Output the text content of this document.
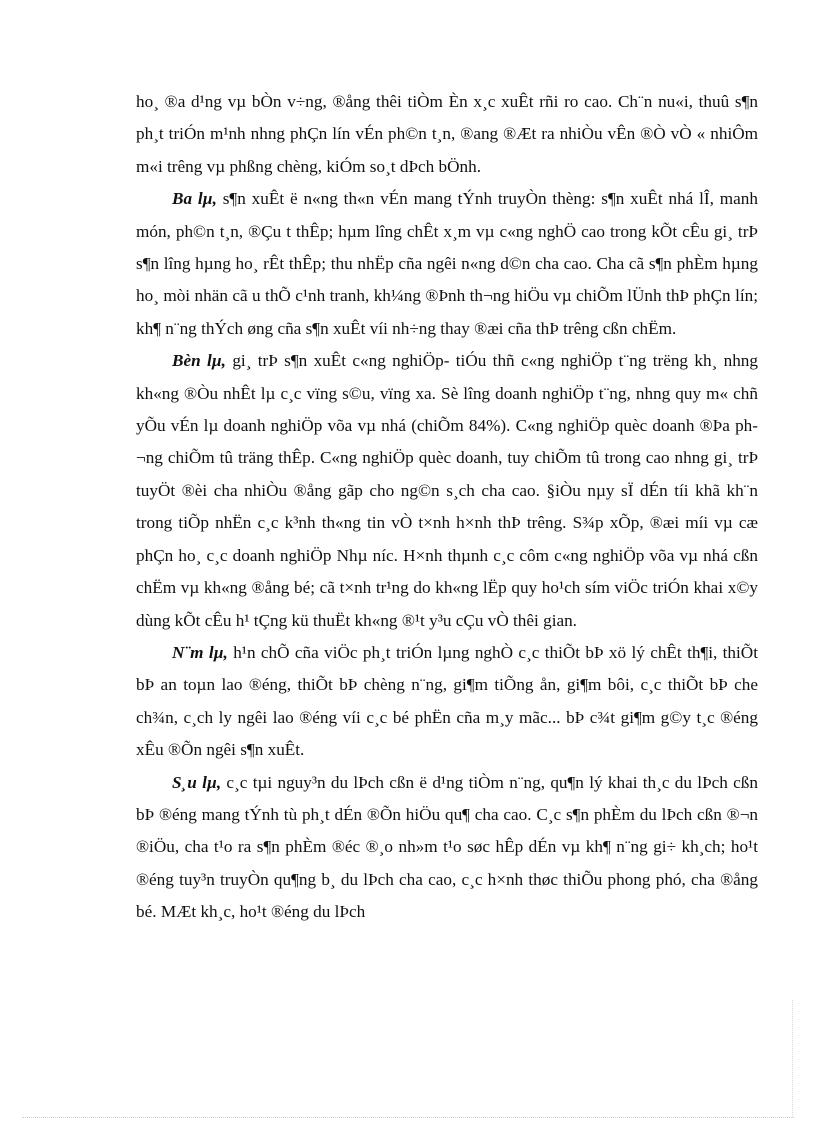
ho¸ ®a d¹ng vµ bÒn v÷ng, ®ång thêi tiÒm Èn x¸c xuÊt rñi ro cao. Ch¨n nu«i, thuû s¶n ph¸t triÓn m¹nh nhng phÇn lín vÉn ph©n t¸n, ®ang ®Æt ra nhiÒu vÊn ®Ò vÒ « nhiÔm m«i trêng vµ phßng chèng, kiÓm so¸t dÞch bÖnh.

Ba lµ, s¶n xuÊt ë n«ng th«n vÉn mang tÝnh truyÒn thèng: s¶n xuÊt nhá lÎ, manh món, ph©n t¸n, ®Çu t thÊp; hµm lîng chÊt x¸m vµ c«ng nghÖ cao trong kÕt cÊu gi¸ trÞ s¶n lîng hµng ho¸ rÊt thÊp; thu nhËp cña ngêi n«ng d©n cha cao. Cha cã s¶n phÈm hµng ho¸ mòi nhän cã u thÕ c¹nh tranh, kh¼ng ®Þnh th¬ng hiÖu vµ chiÕm lÜnh thÞ phÇn lín; kh¶ n¨ng thÝch øng cña s¶n xuÊt víi nh÷ng thay ®æi cña thÞ trêng cßn chËm.

Bèn lµ, gi¸ trÞ s¶n xuÊt c«ng nghiÖp- tiÓu thñ c«ng nghiÖp t¨ng trëng kh¸ nhng kh«ng ®Òu nhÊt lµ c¸c vïng s©u, vïng xa. Sè lîng doanh nghiÖp t¨ng, nhng quy m« chñ yÕu vÉn lµ doanh nghiÖp võa vµ nhá (chiÕm 84%). C«ng nghiÖp quèc doanh ®Þa ph¬ng chiÕm tû träng thÊp. C«ng nghiÖp quèc doanh, tuy chiÕm tû trong cao nhng gi¸ trÞ tuyÖt ®èi cha nhiÒu ®ång gãp cho ng©n s¸ch cha cao. §iÒu nµy sÏ dÉn tíi khã kh¨n trong tiÕp nhËn c¸c k³nh th«ng tin vÒ t×nh h×nh thÞ trêng. S¾p xÕp, ®æi míi vµ cæ phÇn ho¸ c¸c doanh nghiÖp Nhµ níc. H×nh thµnh c¸c côm c«ng nghiÖp võa vµ nhá cßn chËm vµ kh«ng ®ång bé; cã t×nh tr¹ng do kh«ng lËp quy ho¹ch sím viÖc triÓn khai x©y dùng kÕt cÊu h¹ tÇng kü thuËt kh«ng ®¹t y³u cÇu vÒ thêi gian.

N¨m lµ, h¹n chÕ cña viÖc ph¸t triÓn lµng nghÒ c¸c thiÕt bÞ xö lý chÊt th¶i, thiÕt bÞ an toµn lao ®éng, thiÕt bÞ chèng n¨ng, gi¶m tiÕng ån, gi¶m bôi, c¸c thiÕt bÞ che ch¾n, c¸ch ly ngêi lao ®éng víi c¸c bé phËn cña m¸y mãc... bÞ c¾t gi¶m g©y t¸c ®éng xÊu ®Õn ngêi s¶n xuÊt.

S¸u lµ, c¸c tµi nguy³n du lÞch cßn ë d¹ng tiÒm n¨ng, qu¶n lý khai th¸c du lÞch cßn bÞ ®éng mang tÝnh tù ph¸t dÉn ®Õn hiÖu qu¶ cha cao. C¸c s¶n phÈm du lÞch cßn ®¬n ®iÖu, cha t¹o ra s¶n phÈm ®éc ®¸o nh»m t¹o søc hÊp dÉn vµ kh¶ n¨ng gi÷ kh¸ch; ho¹t ®éng tuy³n truyÒn qu¶ng b¸ du lÞch cha cao, c¸c h×nh thøc thiÕu phong phó, cha ®ång bé. MÆt kh¸c, ho¹t ®éng du lÞch
